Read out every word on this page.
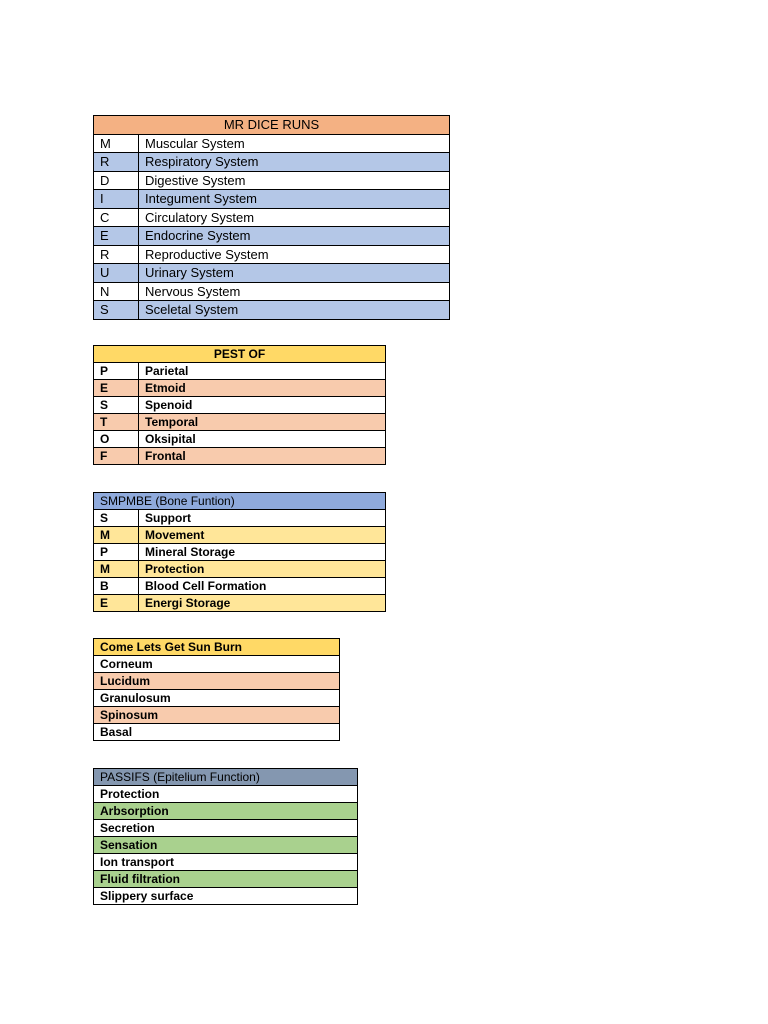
MR DICE RUNS	
M	Muscular System
R	Respiratory System
D	Digestive System
I	Integument System
C	Circulatory System
E	Endocrine System
R	Reproductive System
U	Urinary System
N	Nervous System
S	Sceletal System
PEST OF	
P	Parietal
E	Etmoid
S	Spenoid
T	Temporal
O	Oksipital
F	Frontal
SMPMBE (Bone Funtion)	
S	Support
M	Movement
P	Mineral Storage
M	Protection
B	Blood Cell Formation
E	Energi Storage
Come Lets Get Sun Burn
Corneum
Lucidum
Granulosum
Spinosum
Basal
PASSIFS (Epitelium Function)
Protection
Arbsorption
Secretion
Sensation
Ion transport
Fluid filtration
Slippery surface
